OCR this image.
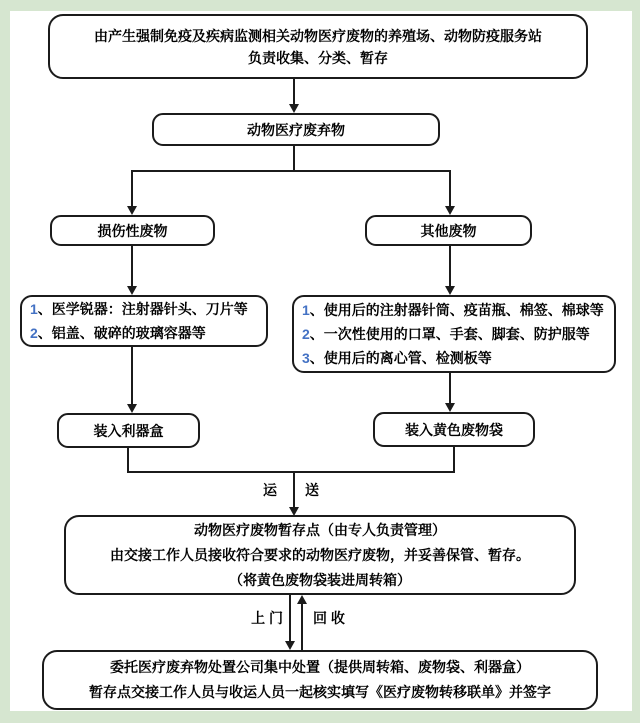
由产生强制免疫及疾病监测相关动物医疗废物的养殖场、动物防疫服务站
负责收集、分类、暂存
动物医疗废弃物
损伤性废物	其他废物
1、医学锐器：注射器针头、刀片等
2、铝盖、破碎的玻璃容器等
1、使用后的注射器针筒、疫苗瓶、棉签、棉球等
2、一次性使用的口罩、手套、脚套、防护服等
3、使用后的离心管、检测板等
装入利器盒	装入黄色废物袋
运 送
动物医疗废物暂存点（由专人负责管理）
由交接工作人员接收符合要求的动物医疗废物，并妥善保管、暂存。
（将黄色废物袋装进周转箱）
上 门 回 收
委托医疗废弃物处置公司集中处置（提供周转箱、废物袋、利器盒）
暂存点交接工作人员与收运人员一起核实填写《医疗废物转移联单》并签字
